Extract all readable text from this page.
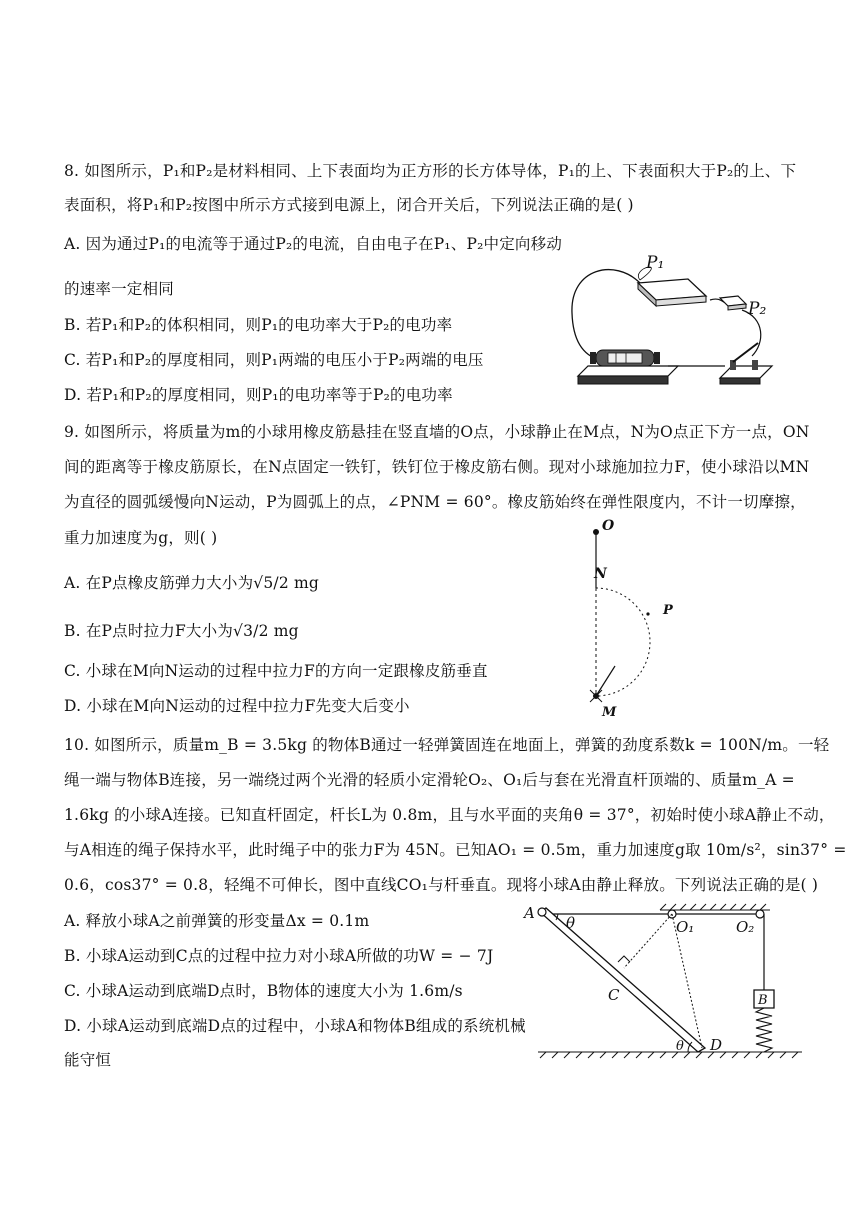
8. 如图所示，P₁和P₂是材料相同、上下表面均为正方形的长方体导体，P₁的上、下表面积大于P₂的上、下
表面积，将P₁和P₂按图中所示方式接到电源上，闭合开关后，下列说法正确的是( )
A. 因为通过P₁的电流等于通过P₂的电流，自由电子在P₁、P₂中定向移动
的速率一定相同
B. 若P₁和P₂的体积相同，则P₁的电功率大于P₂的电功率
C. 若P₁和P₂的厚度相同，则P₁两端的电压小于P₂两端的电压
D. 若P₁和P₂的厚度相同，则P₁的电功率等于P₂的电功率
P₁
P₂
9. 如图所示，将质量为m的小球用橡皮筋悬挂在竖直墙的O点，小球静止在M点，N为O点正下方一点，ON
间的距离等于橡皮筋原长，在N点固定一铁钉，铁钉位于橡皮筋右侧。现对小球施加拉力F，使小球沿以MN
为直径的圆弧缓慢向N运动，P为圆弧上的点，∠PNM = 60°。橡皮筋始终在弹性限度内，不计一切摩擦，
重力加速度为g，则( )
A. 在P点橡皮筋弹力大小为√5/2 mg
B. 在P点时拉力F大小为√3/2 mg
C. 小球在M向N运动的过程中拉力F的方向一定跟橡皮筋垂直
D. 小球在M向N运动的过程中拉力F先变大后变小
O
N
P
M
10. 如图所示，质量m_B = 3.5kg 的物体B通过一轻弹簧固连在地面上，弹簧的劲度系数k = 100N/m。一轻
绳一端与物体B连接，另一端绕过两个光滑的轻质小定滑轮O₂、O₁后与套在光滑直杆顶端的、质量m_A =
1.6kg 的小球A连接。已知直杆固定，杆长L为 0.8m，且与水平面的夹角θ = 37°，初始时使小球A静止不动，
与A相连的绳子保持水平，此时绳子中的张力F为 45N。已知AO₁ = 0.5m，重力加速度g取 10m/s²，sin37° =
0.6，cos37° = 0.8，轻绳不可伸长，图中直线CO₁与杆垂直。现将小球A由静止释放。下列说法正确的是( )
A. 释放小球A之前弹簧的形变量Δx = 0.1m
B. 小球A运动到C点的过程中拉力对小球A所做的功W = − 7J
C. 小球A运动到底端D点时，B物体的速度大小为 1.6m/s
D. 小球A运动到底端D点的过程中，小球A和物体B组成的系统机械
能守恒
O₁	O₂
B
A
θ
C
D
θ
